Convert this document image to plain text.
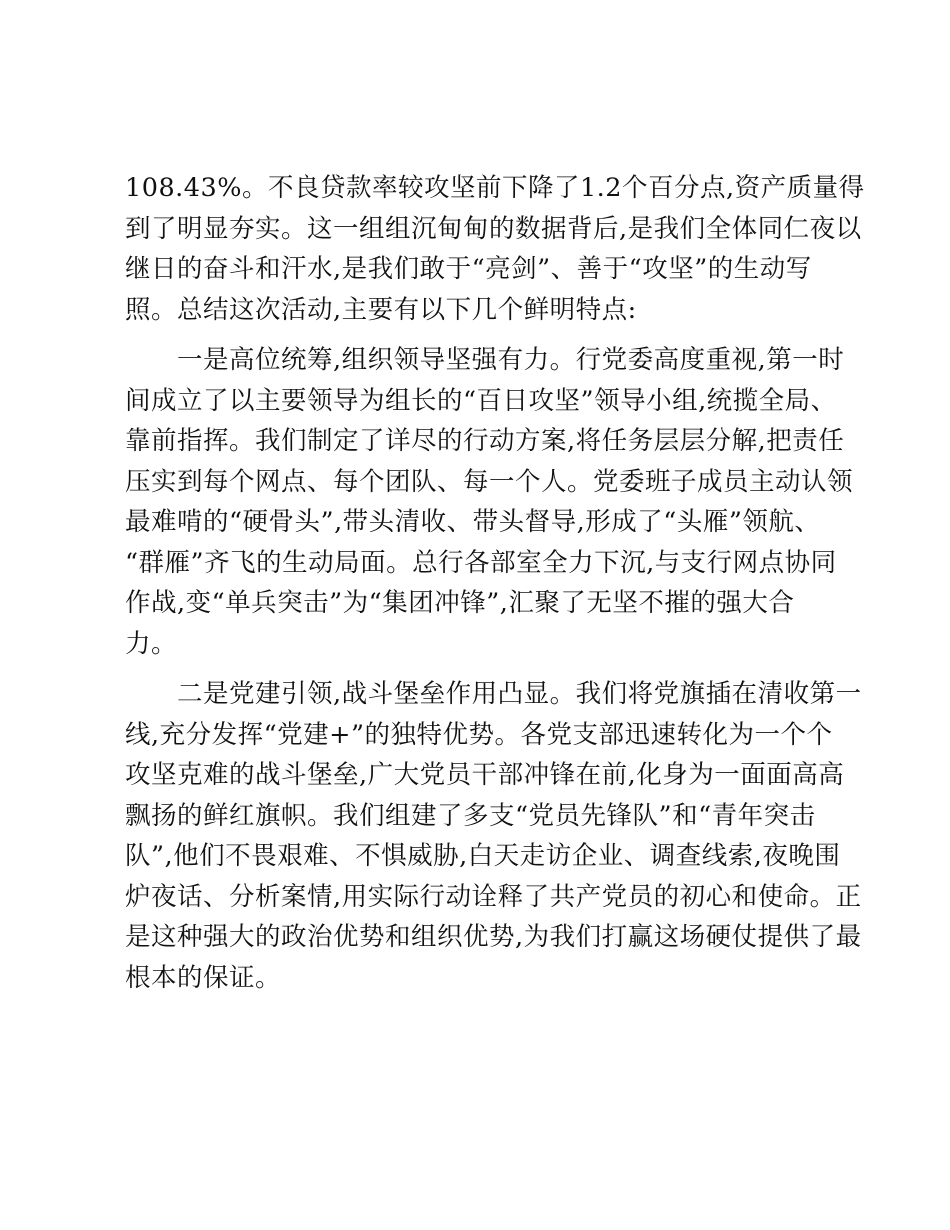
108.43%。不良贷款率较攻坚前下降了1.2个百分点,资产质量得
到了明显夯实。这一组组沉甸甸的数据背后,是我们全体同仁夜以
继日的奋斗和汗水,是我们敢于“亮剑”、善于“攻坚”的生动写
照。总结这次活动,主要有以下几个鲜明特点:
　　一是高位统筹,组织领导坚强有力。行党委高度重视,第一时
间成立了以主要领导为组长的“百日攻坚”领导小组,统揽全局、
靠前指挥。我们制定了详尽的行动方案,将任务层层分解,把责任
压实到每个网点、每个团队、每一个人。党委班子成员主动认领
最难啃的“硬骨头”,带头清收、带头督导,形成了“头雁”领航、
“群雁”齐飞的生动局面。总行各部室全力下沉,与支行网点协同
作战,变“单兵突击”为“集团冲锋”,汇聚了无坚不摧的强大合
力。
　　二是党建引领,战斗堡垒作用凸显。我们将党旗插在清收第一
线,充分发挥“党建+”的独特优势。各党支部迅速转化为一个个
攻坚克难的战斗堡垒,广大党员干部冲锋在前,化身为一面面高高
飘扬的鲜红旗帜。我们组建了多支“党员先锋队”和“青年突击
队”,他们不畏艰难、不惧威胁,白天走访企业、调查线索,夜晚围
炉夜话、分析案情,用实际行动诠释了共产党员的初心和使命。正
是这种强大的政治优势和组织优势,为我们打赢这场硬仗提供了最
根本的保证。
